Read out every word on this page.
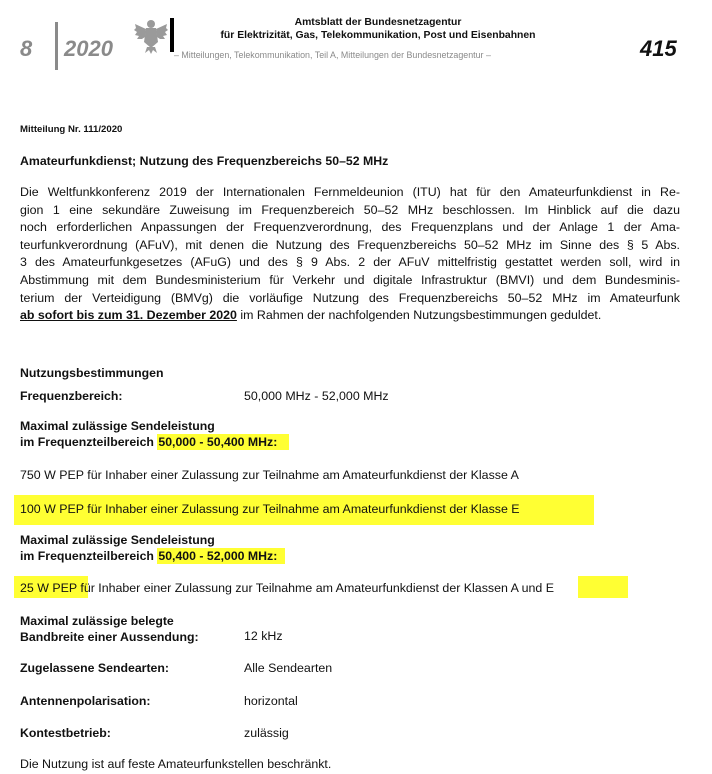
8 2020
Amtsblatt der Bundesnetzagentur
für Elektrizität, Gas, Telekommunikation, Post und Eisenbahnen
– Mitteilungen, Telekommunikation, Teil A, Mitteilungen der Bundesnetzagentur –	415
Mitteilung Nr. 111/2020
Amateurfunkdienst; Nutzung des Frequenzbereichs 50–52 MHz
Die Weltfunkkonferenz 2019 der Internationalen Fernmeldeunion (ITU) hat für den Amateurfunkdienst in Re-
gion 1 eine sekundäre Zuweisung im Frequenzbereich 50–52 MHz beschlossen. Im Hinblick auf die dazu
noch erforderlichen Anpassungen der Frequenzverordnung, des Frequenzplans und der Anlage 1 der Ama-
teurfunkverordnung (AFuV), mit denen die Nutzung des Frequenzbereichs 50–52 MHz im Sinne des § 5 Abs.
3 des Amateurfunkgesetzes (AFuG) und des § 9 Abs. 2 der AFuV mittelfristig gestattet werden soll, wird in
Abstimmung mit dem Bundesministerium für Verkehr und digitale Infrastruktur (BMVI) und dem Bundesminis-
terium der Verteidigung (BMVg) die vorläufige Nutzung des Frequenzbereichs 50–52 MHz im Amateurfunk
ab sofort bis zum 31. Dezember 2020 im Rahmen der nachfolgenden Nutzungsbestimmungen geduldet.
Nutzungsbestimmungen
Frequenzbereich:	50,000 MHz - 52,000 MHz
Maximal zulässige Sendeleistung
im Frequenzteilbereich 50,000 - 50,400 MHz:
750 W PEP für Inhaber einer Zulassung zur Teilnahme am Amateurfunkdienst der Klasse A
100 W PEP für Inhaber einer Zulassung zur Teilnahme am Amateurfunkdienst der Klasse E
Maximal zulässige Sendeleistung
im Frequenzteilbereich 50,400 - 52,000 MHz:
25 W PEP für Inhaber einer Zulassung zur Teilnahme am Amateurfunkdienst der Klassen A und E
Maximal zulässige belegte
Bandbreite einer Aussendung:	12 kHz
Zugelassene Sendearten:	Alle Sendearten
Antennenpolarisation:	horizontal
Kontestbetrieb:	zulässig
Die Nutzung ist auf feste Amateurfunkstellen beschränkt.
